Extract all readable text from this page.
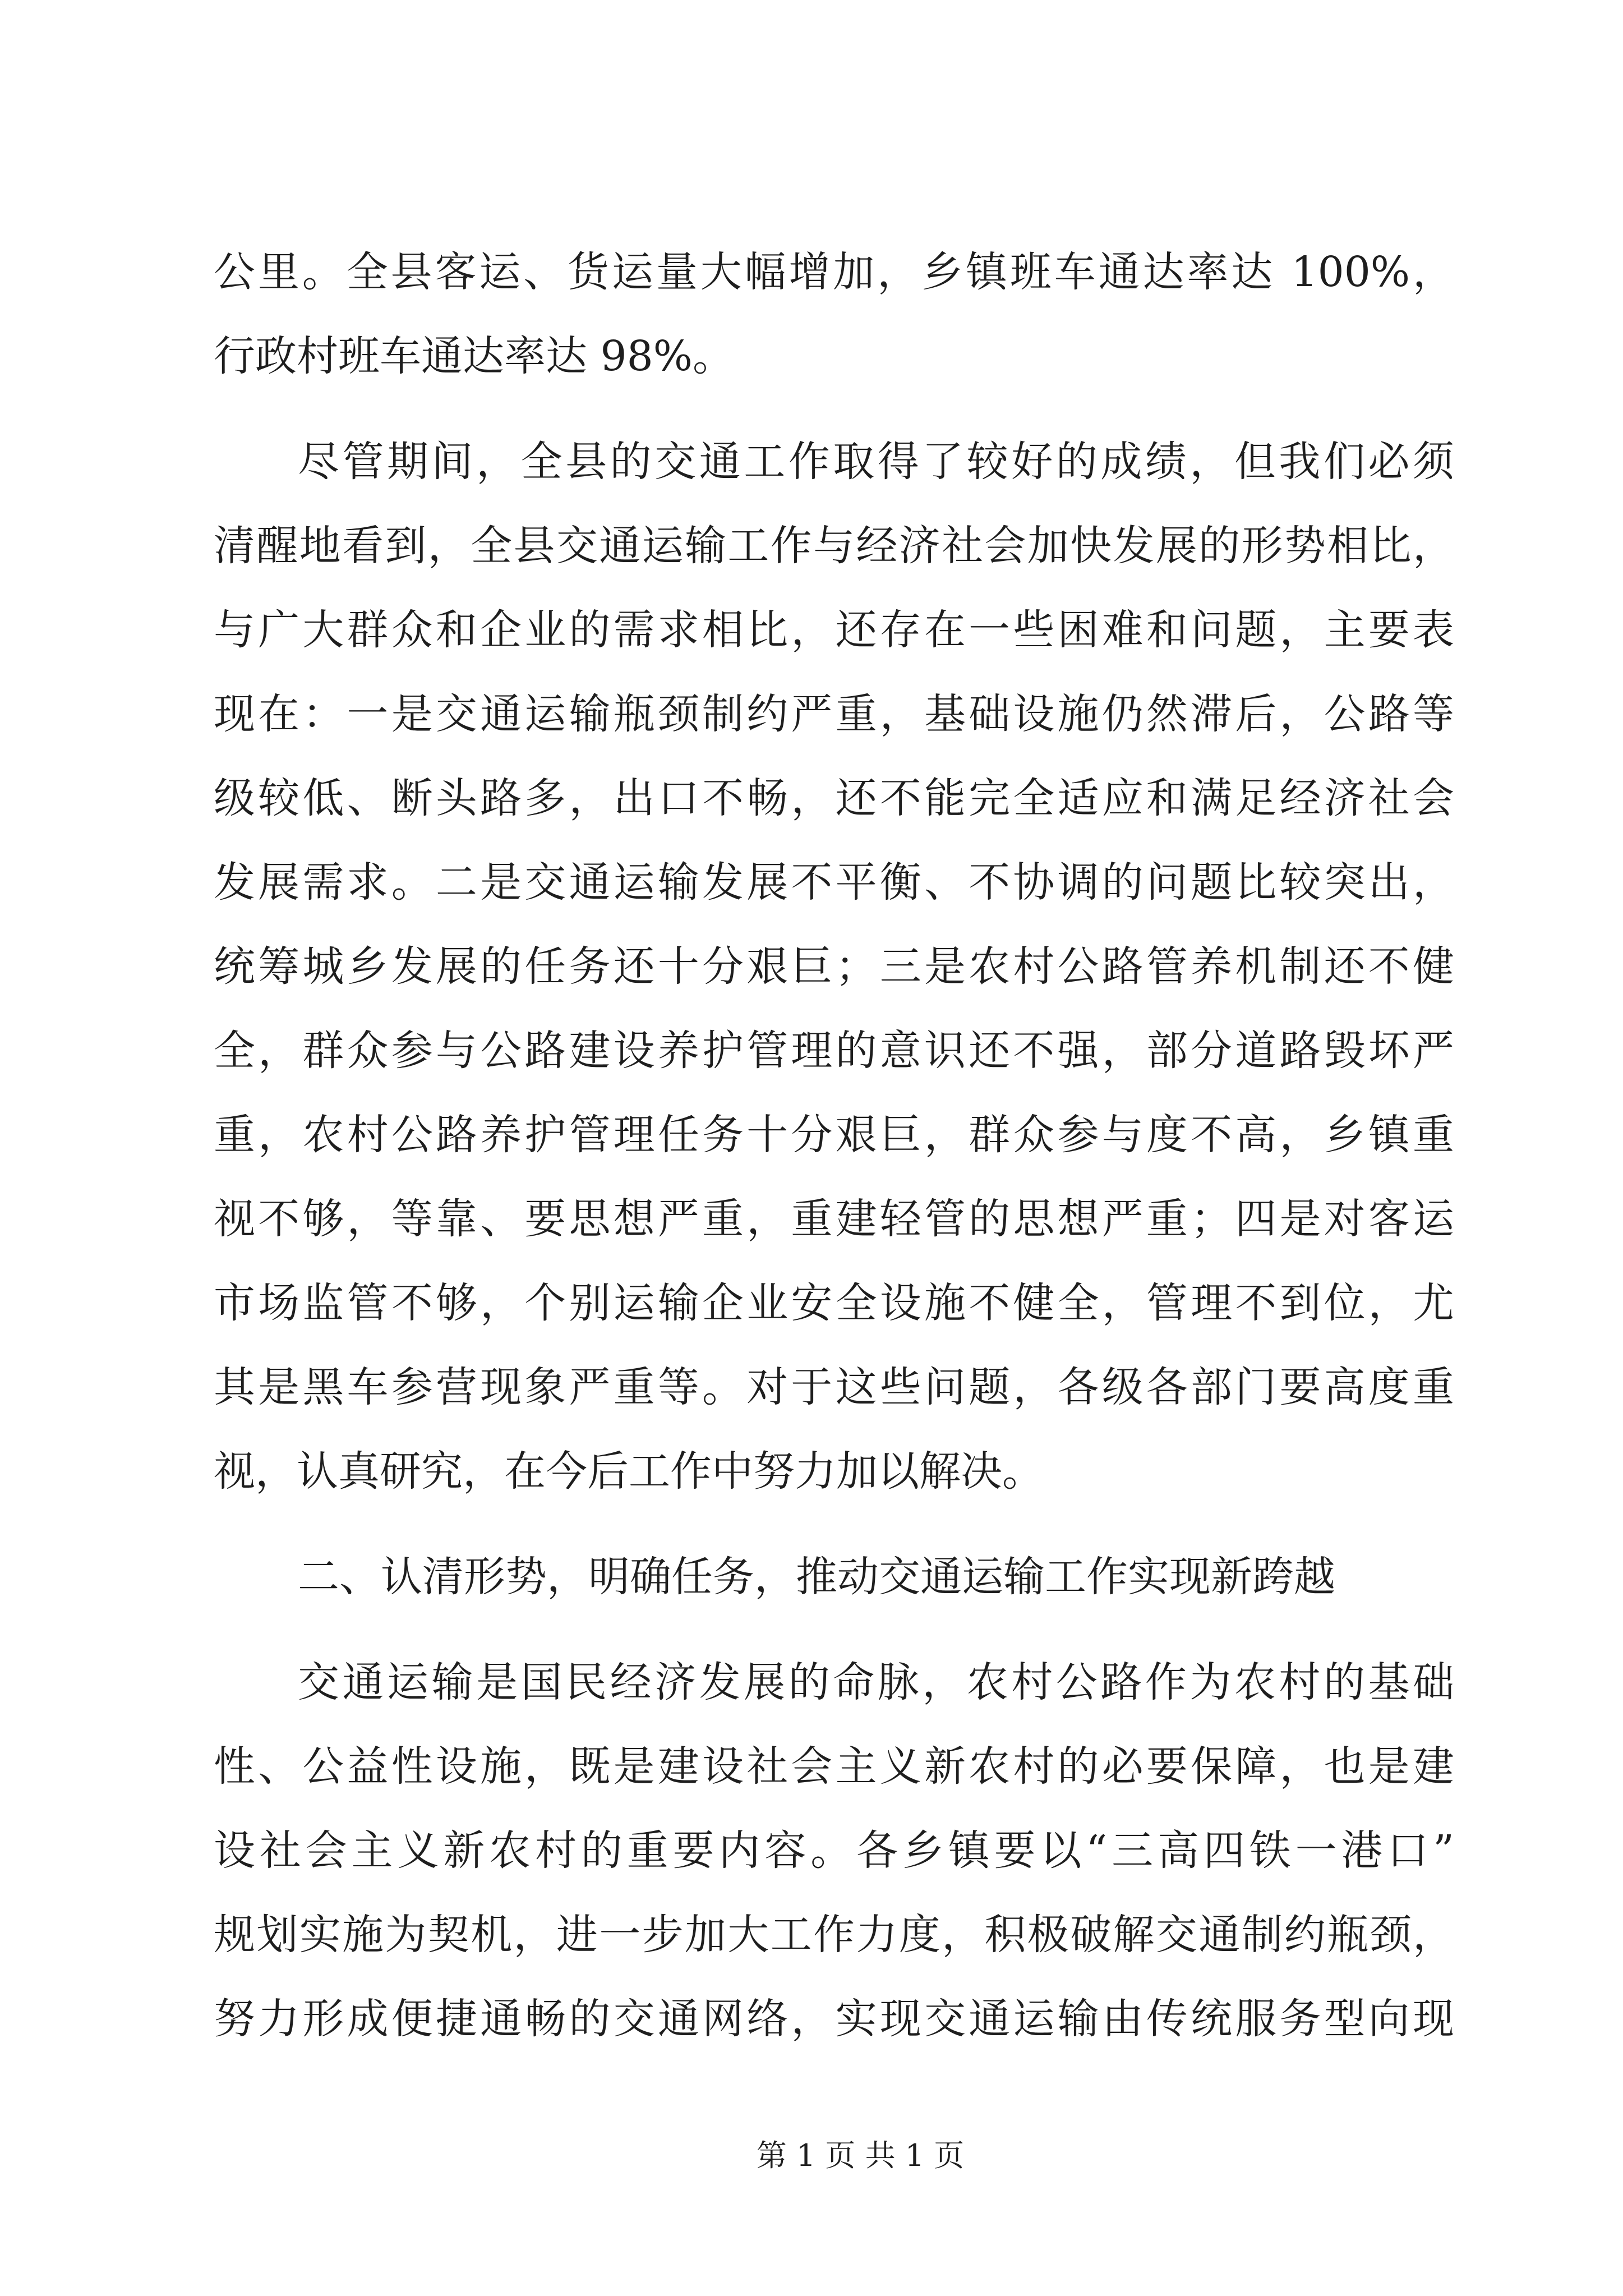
公里。全县客运、货运量大幅增加，乡镇班车通达率达 100%，
行政村班车通达率达 98%。

尽管期间，全县的交通工作取得了较好的成绩，但我们必须
清醒地看到，全县交通运输工作与经济社会加快发展的形势相比，
与广大群众和企业的需求相比，还存在一些困难和问题，主要表
现在：一是交通运输瓶颈制约严重，基础设施仍然滞后，公路等
级较低、断头路多，出口不畅，还不能完全适应和满足经济社会
发展需求。二是交通运输发展不平衡、不协调的问题比较突出，
统筹城乡发展的任务还十分艰巨；三是农村公路管养机制还不健
全，群众参与公路建设养护管理的意识还不强，部分道路毁坏严
重，农村公路养护管理任务十分艰巨，群众参与度不高，乡镇重
视不够，等靠、要思想严重，重建轻管的思想严重；四是对客运
市场监管不够，个别运输企业安全设施不健全，管理不到位，尤
其是黑车参营现象严重等。对于这些问题，各级各部门要高度重
视，认真研究，在今后工作中努力加以解决。

二、认清形势，明确任务，推动交通运输工作实现新跨越

交通运输是国民经济发展的命脉，农村公路作为农村的基础
性、公益性设施，既是建设社会主义新农村的必要保障，也是建
设社会主义新农村的重要内容。各乡镇要以“三高四铁一港口”
规划实施为契机，进一步加大工作力度，积极破解交通制约瓶颈，
努力形成便捷通畅的交通网络，实现交通运输由传统服务型向现

第 1 页 共 1 页
